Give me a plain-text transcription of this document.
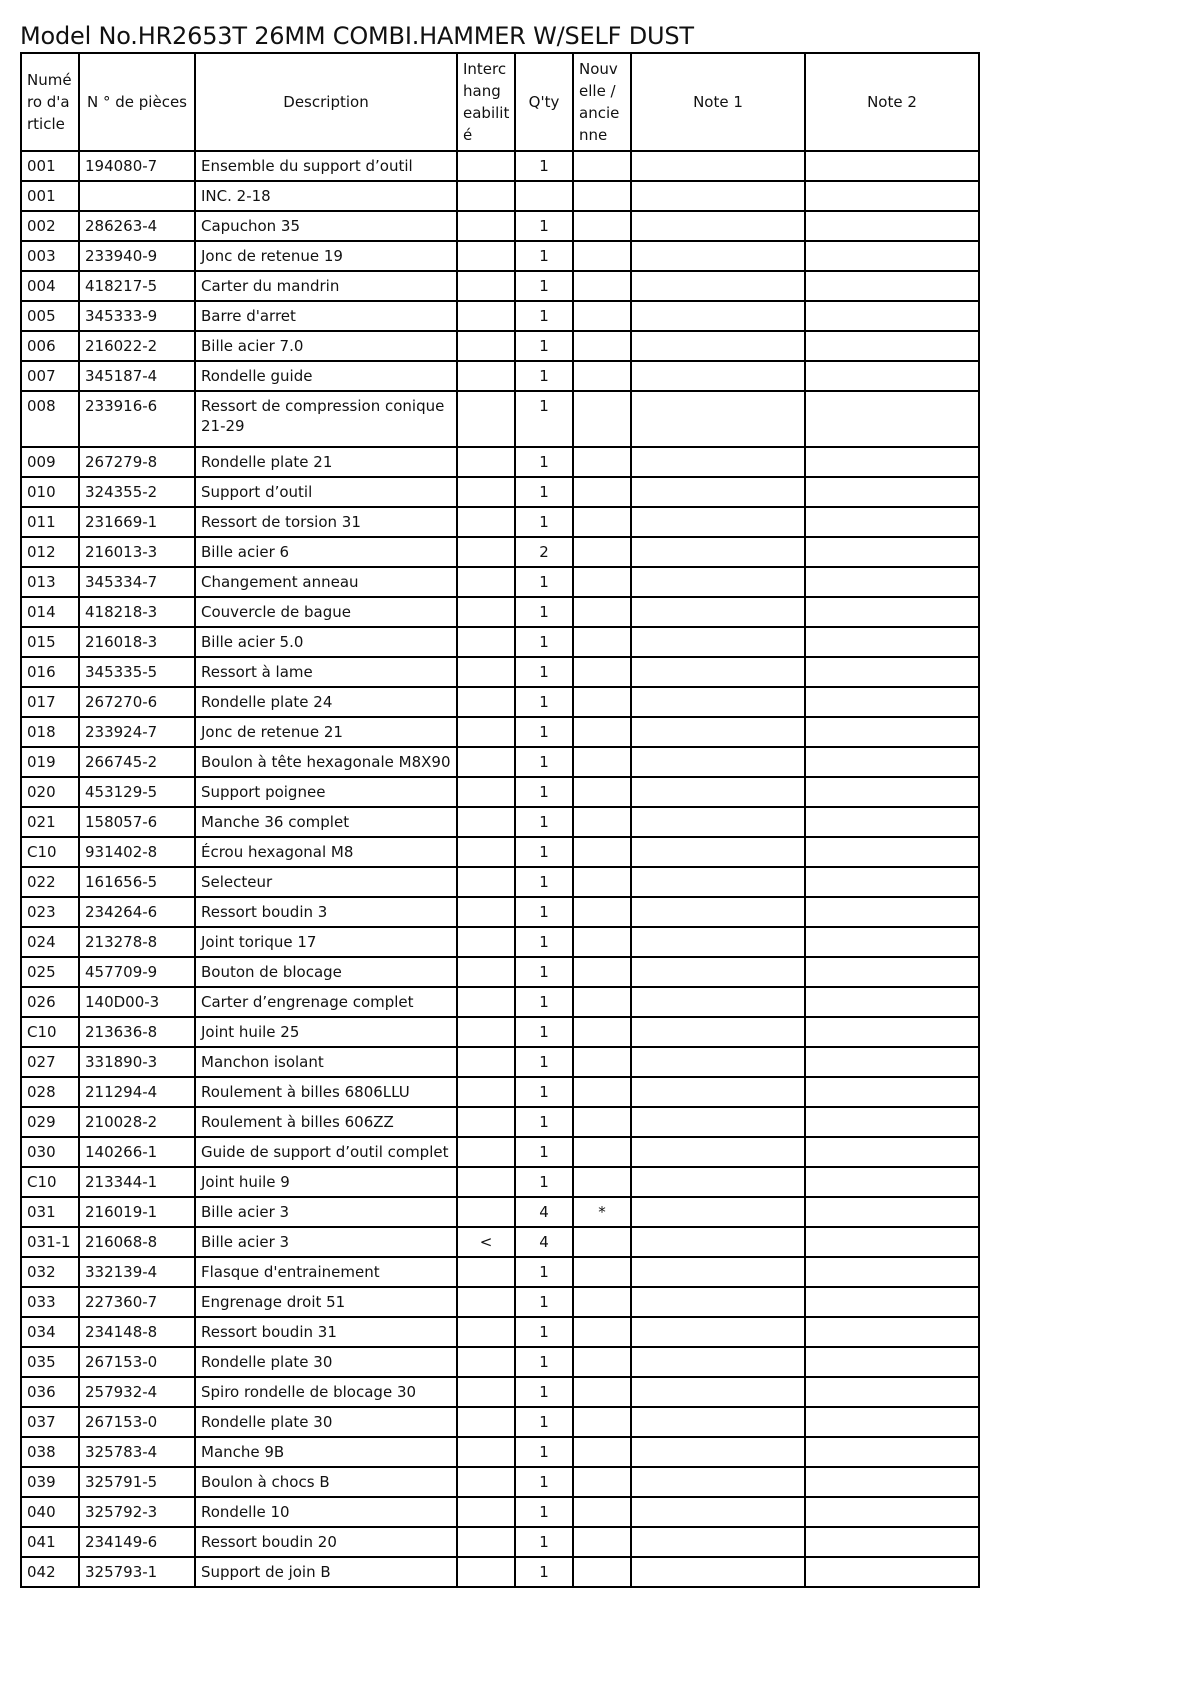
Model No.HR2653T 26MM COMBI.HAMMER W/SELF DUST
Numé ro d'a rticle	N ° de pièces	Description	Interc hang eabilit é	Q'ty	Nouv elle / ancie nne	Note 1	Note 2
001	194080-7	Ensemble du support d’outil		1			
001		INC. 2-18					
002	286263-4	Capuchon 35		1			
003	233940-9	Jonc de retenue 19		1			
004	418217-5	Carter du mandrin		1			
005	345333-9	Barre d'arret		1			
006	216022-2	Bille acier 7.0		1			
007	345187-4	Rondelle guide		1			
008	233916-6	Ressort de compression conique 21-29		1			
009	267279-8	Rondelle plate 21		1			
010	324355-2	Support d’outil		1			
011	231669-1	Ressort de torsion 31		1			
012	216013-3	Bille acier 6		2			
013	345334-7	Changement anneau		1			
014	418218-3	Couvercle de bague		1			
015	216018-3	Bille acier 5.0		1			
016	345335-5	Ressort à lame		1			
017	267270-6	Rondelle plate 24		1			
018	233924-7	Jonc de retenue 21		1			
019	266745-2	Boulon à tête hexagonale M8X90		1			
020	453129-5	Support poignee		1			
021	158057-6	Manche 36 complet		1			
C10	931402-8	Écrou hexagonal M8		1			
022	161656-5	Selecteur		1			
023	234264-6	Ressort boudin 3		1			
024	213278-8	Joint torique 17		1			
025	457709-9	Bouton de blocage		1			
026	140D00-3	Carter d’engrenage complet		1			
C10	213636-8	Joint huile 25		1			
027	331890-3	Manchon isolant		1			
028	211294-4	Roulement à billes 6806LLU		1			
029	210028-2	Roulement à billes 606ZZ		1			
030	140266-1	Guide de support d’outil complet		1			
C10	213344-1	Joint huile 9		1			
031	216019-1	Bille acier 3		4	*		
031-1	216068-8	Bille acier 3	<	4			
032	332139-4	Flasque d'entrainement		1			
033	227360-7	Engrenage droit 51		1			
034	234148-8	Ressort boudin 31		1			
035	267153-0	Rondelle plate 30		1			
036	257932-4	Spiro rondelle de blocage 30		1			
037	267153-0	Rondelle plate 30		1			
038	325783-4	Manche 9B		1			
039	325791-5	Boulon à chocs B		1			
040	325792-3	Rondelle 10		1			
041	234149-6	Ressort boudin 20		1			
042	325793-1	Support de join B		1			
